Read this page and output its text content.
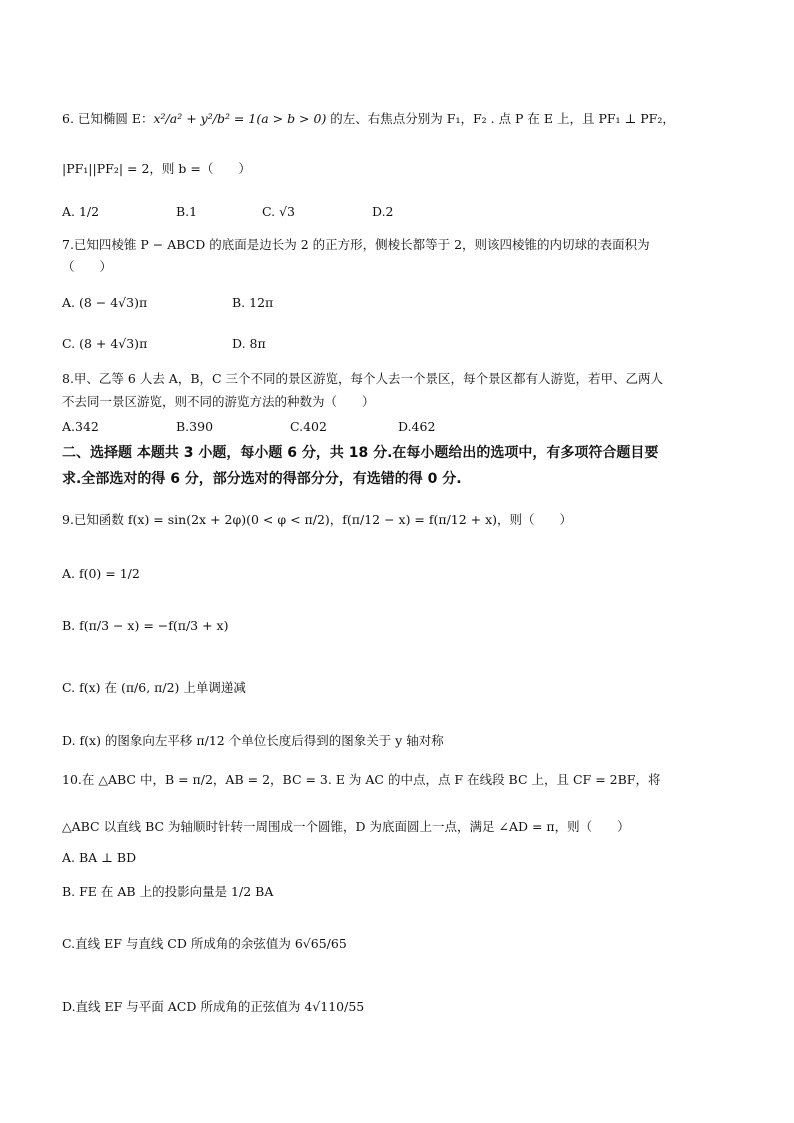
6. 已知椭圆 E：x²/a² + y²/b² = 1(a > b > 0) 的左、右焦点分别为 F₁，F₂ . 点 P 在 E 上，且 PF₁ ⊥ PF₂，
|PF₁||PF₂| = 2，则 b =（　　）
A. 1/2	B.1	C. √3	D.2
7.已知四棱锥 P − ABCD 的底面是边长为 2 的正方形，侧棱长都等于 2，则该四棱锥的内切球的表面积为
（　　）
A. (8 − 4√3)π	B. 12π
C. (8 + 4√3)π	D. 8π
8.甲、乙等 6 人去 A，B，C 三个不同的景区游览，每个人去一个景区，每个景区都有人游览，若甲、乙两人
不去同一景区游览，则不同的游览方法的种数为（　　）
A.342	B.390	C.402	D.462
二、选择题 本题共 3 小题，每小题 6 分，共 18 分.在每小题给出的选项中，有多项符合题目要
求.全部选对的得 6 分，部分选对的得部分分，有选错的得 0 分.
9.已知函数 f(x) = sin(2x + 2φ)(0 < φ < π/2)，f(π/12 − x) = f(π/12 + x)，则（　　）
A. f(0) = 1/2
B. f(π/3 − x) = −f(π/3 + x)
C. f(x) 在 (π/6, π/2) 上单调递减
D. f(x) 的图象向左平移 π/12 个单位长度后得到的图象关于 y 轴对称
10.在 △ABC 中，B = π/2，AB = 2，BC = 3. E 为 AC 的中点，点 F 在线段 BC 上，且 CF = 2BF，将
△ABC 以直线 BC 为轴顺时针转一周围成一个圆锥，D 为底面圆上一点，满足 ∠AD = π，则（　　）
A. BA ⊥ BD
B. FE 在 AB 上的投影向量是 1/2 BA
C.直线 EF 与直线 CD 所成角的余弦值为 6√65/65
D.直线 EF 与平面 ACD 所成角的正弦值为 4√110/55
